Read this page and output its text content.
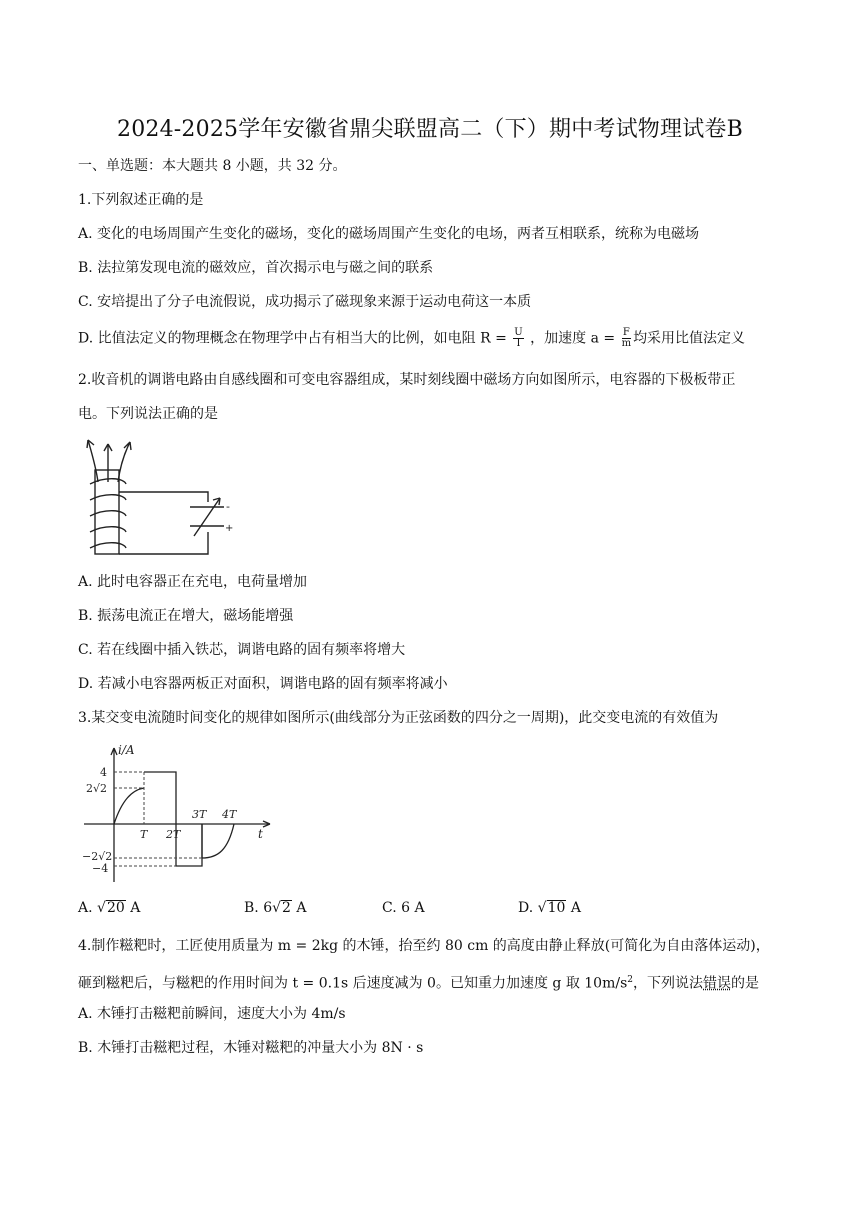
2024-2025学年安徽省鼎尖联盟高二（下）期中考试物理试卷B
一、单选题：本大题共 8 小题，共 32 分。
1.下列叙述正确的是
A. 变化的电场周围产生变化的磁场，变化的磁场周围产生变化的电场，两者互相联系，统称为电磁场
B. 法拉第发现电流的磁效应，首次揭示电与磁之间的联系
C. 安培提出了分子电流假说，成功揭示了磁现象来源于运动电荷这一本质
D. 比值法定义的物理概念在物理学中占有相当大的比例，如电阻 $R = \frac{U}{I}$ ，加速度 $a = \frac{F}{m}$ 均采用比值法定义
2.收音机的调谐电路由自感线圈和可变电容器组成，某时刻线圈中磁场方向如图所示，电容器的下极板带正
电。下列说法正确的是
-
+
A. 此时电容器正在充电，电荷量增加
B. 振荡电流正在增大，磁场能增强
C. 若在线圈中插入铁芯，调谐电路的固有频率将增大
D. 若减小电容器两板正对面积，调谐电路的固有频率将减小
3.某交变电流随时间变化的规律如图所示(曲线部分为正弦函数的四分之一周期)，此交变电流的有效值为
i/A
4
2√2
−2√2
−4
T 2T
3T 4T
t
A. √20 A	B. 6√2 A	C. 6 A	D. √10 A
4.制作糍粑时，工匠使用质量为 m = 2kg 的木锤，抬至约 80 cm 的高度由静止释放(可简化为自由落体运动)，
砸到糍粑后，与糍粑的作用时间为 t = 0.1s 后速度减为 0。已知重力加速度 g 取 $10m/s^2$，下列说法错误的是
A. 木锤打击糍粑前瞬间，速度大小为 4m/s
B. 木锤打击糍粑过程，木锤对糍粑的冲量大小为 8N · s
